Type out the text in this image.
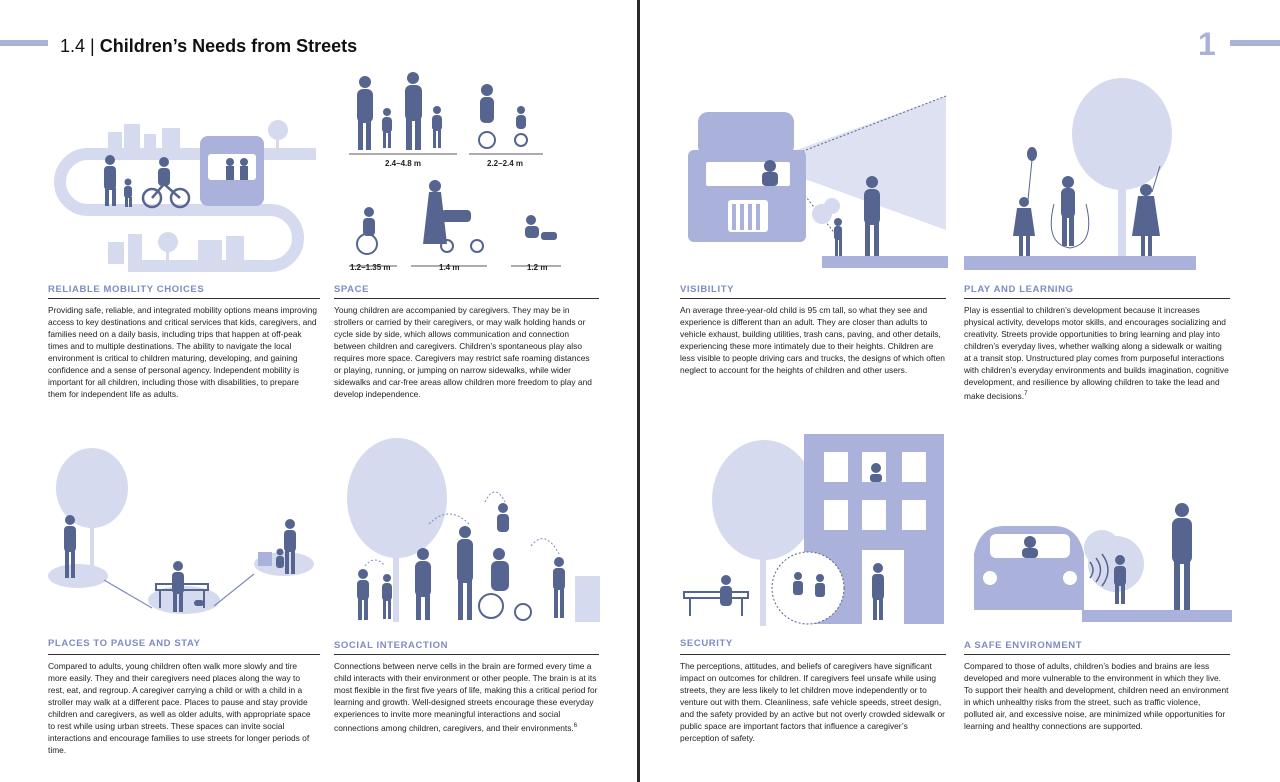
1.4 | Children’s Needs from Streets
2.4–4.8 m	2.2–2.4 m
1.2–1.35 m	1.4 m	1.2 m
RELIABLE MOBILITY CHOICES
Providing safe, reliable, and integrated mobility options means improving access to key destinations and critical services that kids, caregivers, and families need on a daily basis, including trips that happen at off-peak times and to multiple destinations. The ability to navigate the local environment is critical to children maturing, developing, and gaining confidence and a sense of personal agency. Independent mobility is important for all children, including those with disabilities, to prepare them for independent life as adults.
SPACE
Young children are accompanied by caregivers. They may be in strollers or carried by their caregivers, or may walk holding hands or cycle side by side, which allows communication and connection between children and caregivers. Children’s spontaneous play also requires more space. Caregivers may restrict safe roaming distances or playing, running, or jumping on narrow sidewalks, while wider sidewalks and car-free areas allow children more freedom to play and develop independence.
PLACES TO PAUSE AND STAY
Compared to adults, young children often walk more slowly and tire more easily. They and their caregivers need places along the way to rest, eat, and regroup. A caregiver carrying a child or with a child in a stroller may walk at a different pace. Places to pause and stay provide children and caregivers, as well as older adults, with appropriate space to rest while using urban streets. These spaces can invite social interactions and encourage families to use streets for longer periods of time.
SOCIAL INTERACTION
Connections between nerve cells in the brain are formed every time a child interacts with their environment or other people. The brain is at its most flexible in the first five years of life, making this a critical period for learning and growth. Well-designed streets encourage these everyday experiences to invite more meaningful interactions and social connections among children, caregivers, and their environments.$^6$
1
VISIBILITY
An average three-year-old child is 95 cm tall, so what they see and experience is different than an adult. They are closer than adults to vehicle exhaust, building utilities, trash cans, paving, and other details, experiencing these more intimately due to their heights. Children are less visible to people driving cars and trucks, the designs of which often neglect to account for the heights of children and other users.
PLAY AND LEARNING
Play is essential to children’s development because it increases physical activity, develops motor skills, and encourages socializing and creativity. Streets provide opportunities to bring learning and play into children’s everyday lives, whether walking along a sidewalk or waiting at a transit stop. Unstructured play comes from purposeful interactions with children’s everyday environments and builds imagination, cognitive development, and resilience by allowing children to take the lead and make decisions.$^7$
SECURITY
The perceptions, attitudes, and beliefs of caregivers have significant impact on outcomes for children. If caregivers feel unsafe while using streets, they are less likely to let children move independently or to venture out with them. Cleanliness, safe vehicle speeds, street design, and the safety provided by an active but not overly crowded sidewalk or public space are important factors that influence a caregiver’s perception of safety.
A SAFE ENVIRONMENT
Compared to those of adults, children’s bodies and brains are less developed and more vulnerable to the environment in which they live. To support their health and development, children need an environment in which unhealthy risks from the street, such as traffic violence, polluted air, and excessive noise, are minimized while opportunities for learning and healthy connections are supported.
